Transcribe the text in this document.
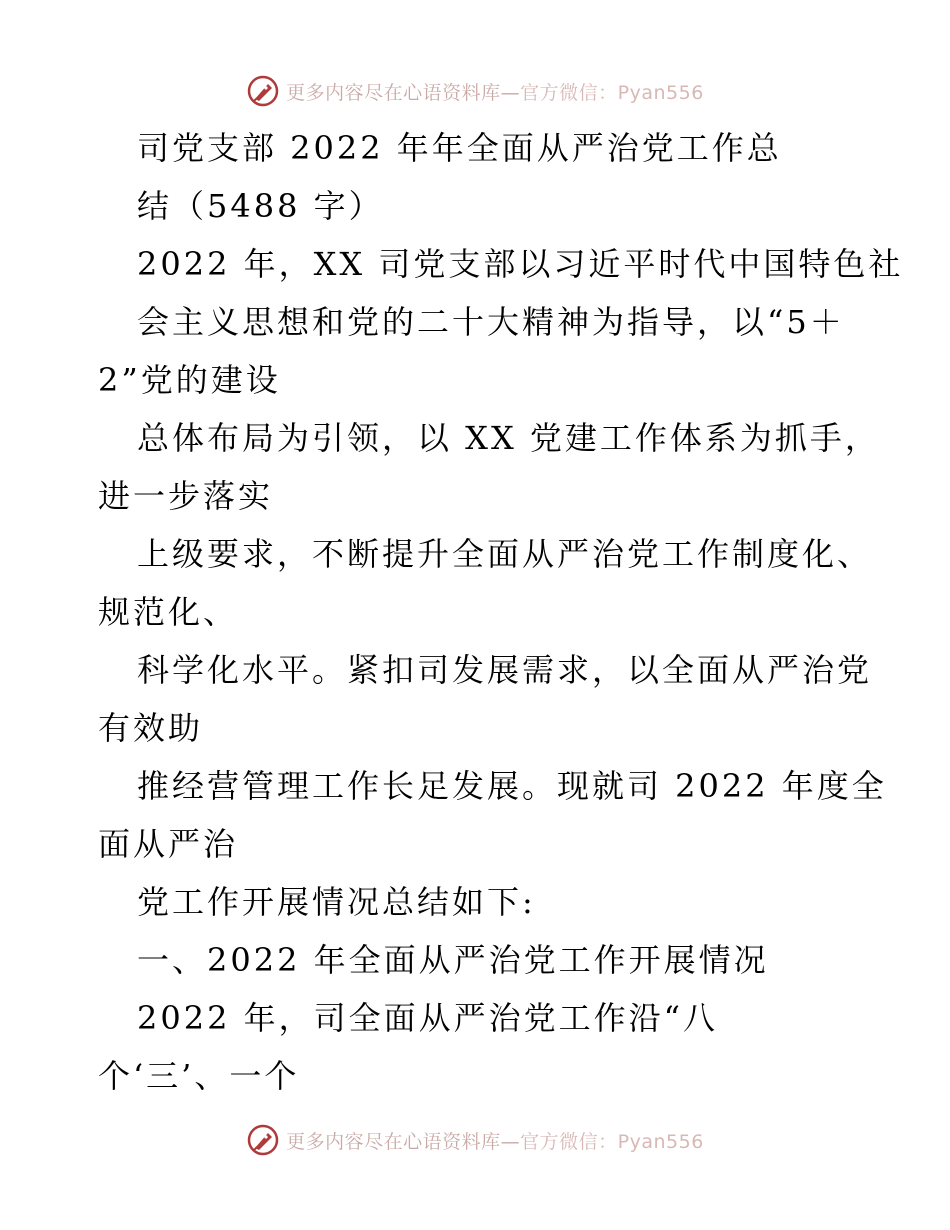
更多内容尽在心语资料库—官方微信：Pyan556
司党支部 2022 年年全面从严治党工作总
结（5488 字）
2022 年，XX 司党支部以习近平时代中国特色社
会主义思想和党的二十大精神为指导，以“5＋
2”党的建设
总体布局为引领，以 XX 党建工作体系为抓手，
进一步落实
上级要求，不断提升全面从严治党工作制度化、
规范化、
科学化水平。紧扣司发展需求，以全面从严治党
有效助
推经营管理工作长足发展。现就司 2022 年度全
面从严治
党工作开展情况总结如下:
一、2022 年全面从严治党工作开展情况
2022 年，司全面从严治党工作沿“八
个‘三’、一个
更多内容尽在心语资料库—官方微信：Pyan556
